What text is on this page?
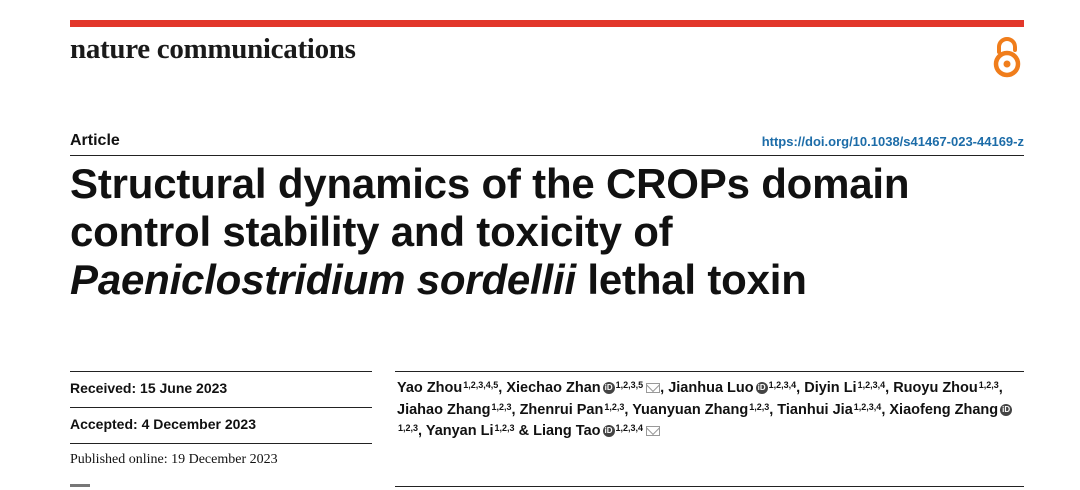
nature communications
Article	https://doi.org/10.1038/s41467-023-44169-z
Structural dynamics of the CROPs domain
control stability and toxicity of
Paeniclostridium sordellii lethal toxin
Received: 15 June 2023
Accepted: 4 December 2023
Published online: 19 December 2023
Yao Zhou$^{1,2,3,4,5}$, Xiechao Zhan iD $^{1,2,3,5}$ , Jianhua Luo iD $^{1,2,3,4}$, Diyin Li$^{1,2,3,4}$, Ruoyu Zhou$^{1,2,3}$, Jiahao Zhang$^{1,2,3}$, Zhenrui Pan$^{1,2,3}$, Yuanyuan Zhang$^{1,2,3}$, Tianhui Jia$^{1,2,3,4}$, Xiaofeng Zhang iD$^{1,2,3}$, Yanyan Li$^{1,2,3}$ & Liang Tao iD $^{1,2,3,4}$
